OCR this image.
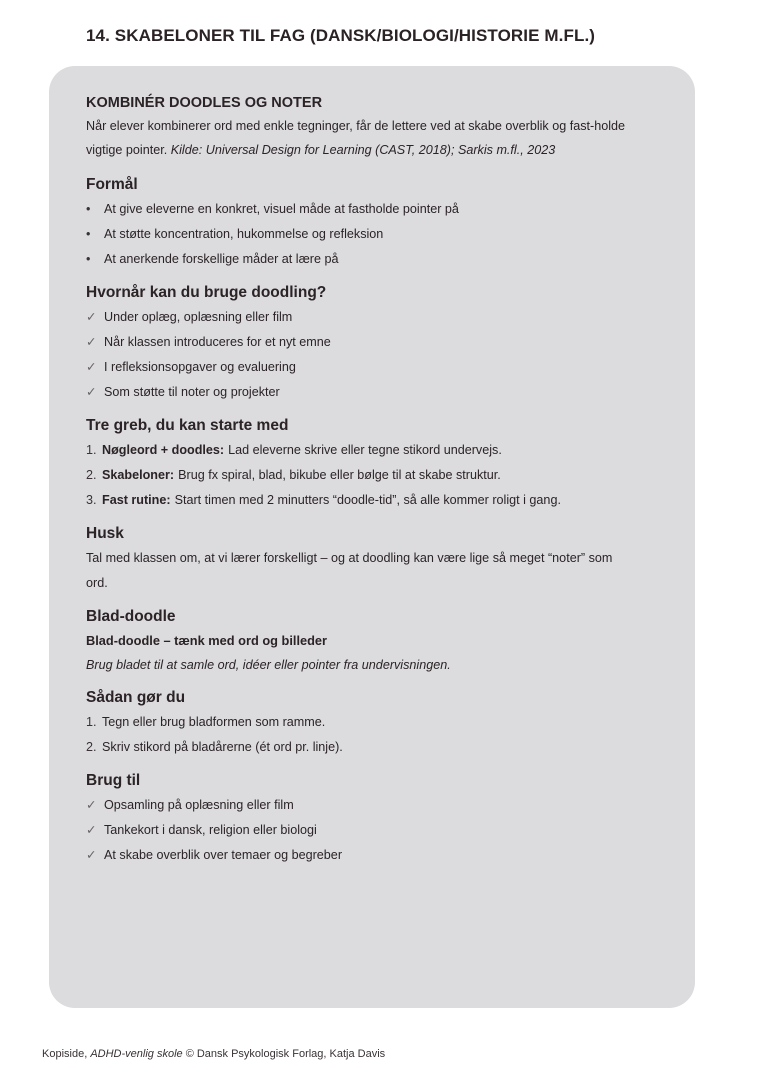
14. SKABELONER TIL FAG (DANSK/BIOLOGI/HISTORIE M.FL.)
KOMBINÉR DOODLES OG NOTER

Når elever kombinerer ord med enkle tegninger, får de lettere ved at skabe overblik og fast-holde vigtige pointer. Kilde: Universal Design for Learning (CAST, 2018); Sarkis m.fl., 2023

Formål
•	At give eleverne en konkret, visuel måde at fastholde pointer på
•	At støtte koncentration, hukommelse og refleksion
•	At anerkende forskellige måder at lære på
Hvornår kan du bruge doodling?
✓ Under oplæg, oplæsning eller film
✓ Når klassen introduceres for et nyt emne
✓ I refleksionsopgaver og evaluering
✓ Som støtte til noter og projekter
Tre greb, du kan starte med
1. Nøgleord + doodles: Lad eleverne skrive eller tegne stikord undervejs.
2. Skabeloner: Brug fx spiral, blad, bikube eller bølge til at skabe struktur.
3. Fast rutine: Start timen med 2 minutters “doodle-tid”, så alle kommer roligt i gang.
Husk

Tal med klassen om, at vi lærer forskelligt – og at doodling kan være lige så meget “noter” som ord.

Blad-doodle
Blad-doodle – tænk med ord og billeder

Brug bladet til at samle ord, idéer eller pointer fra undervisningen.

Sådan gør du
1. Tegn eller brug bladformen som ramme.
2. Skriv stikord på bladårerne (ét ord pr. linje).
Brug til
✓ Opsamling på oplæsning eller film
✓ Tankekort i dansk, religion eller biologi
✓ At skabe overblik over temaer og begreber
Kopiside, ADHD-venlig skole © Dansk Psykologisk Forlag, Katja Davis
